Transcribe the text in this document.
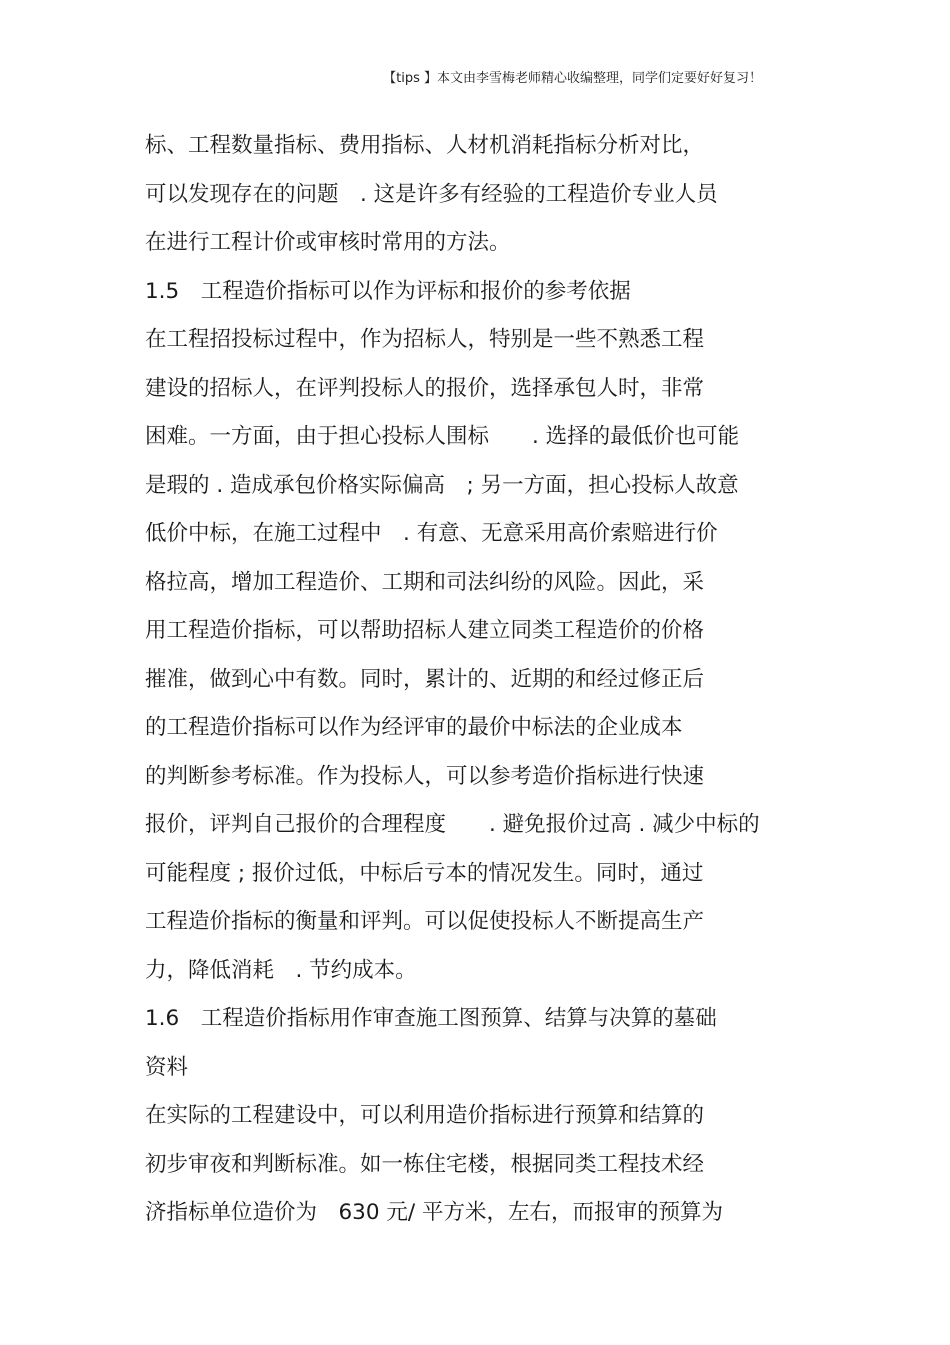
【tips 】本文由李雪梅老师精心收编整理，同学们定要好好复习！
标、工程数量指标、费用指标、人材机消耗指标分析对比，
可以发现存在的问题　. 这是许多有经验的工程造价专业人员
在进行工程计价或审核时常用的方法。
1.5　工程造价指标可以作为评标和报价的参考依据
在工程招投标过程中，作为招标人，特别是一些不熟悉工程
建设的招标人，在评判投标人的报价，选择承包人时，非常
困难。一方面，由于担心投标人围标　　. 选择的最低价也可能
是瑕的 . 造成承包价格实际偏高　; 另一方面，担心投标人故意
低价中标，在施工过程中　. 有意、无意采用高价索赔进行价
格拉高，增加工程造价、工期和司法纠纷的风险。因此，采
用工程造价指标，可以帮助招标人建立同类工程造价的价格
摧准，做到心中有数。同时，累计的、近期的和经过修正后
的工程造价指标可以作为经评审的最价中标法的企业成本
的判断参考标准。作为投标人，可以参考造价指标进行快速
报价，评判自己报价的合理程度　　. 避免报价过高 . 减少中标的
可能程度 ; 报价过低，中标后亏本的情况发生。同时，通过
工程造价指标的衡量和评判。可以促使投标人不断提高生产
力，降低消耗　. 节约成本。
1.6　工程造价指标用作审查施工图预算、结算与决算的墓础
资料
在实际的工程建设中，可以利用造价指标进行预算和结算的
初步审夜和判断标准。如一栋住宅楼，根据同类工程技术经
济指标单位造价为　630 元/ 平方米，左右，而报审的预算为
